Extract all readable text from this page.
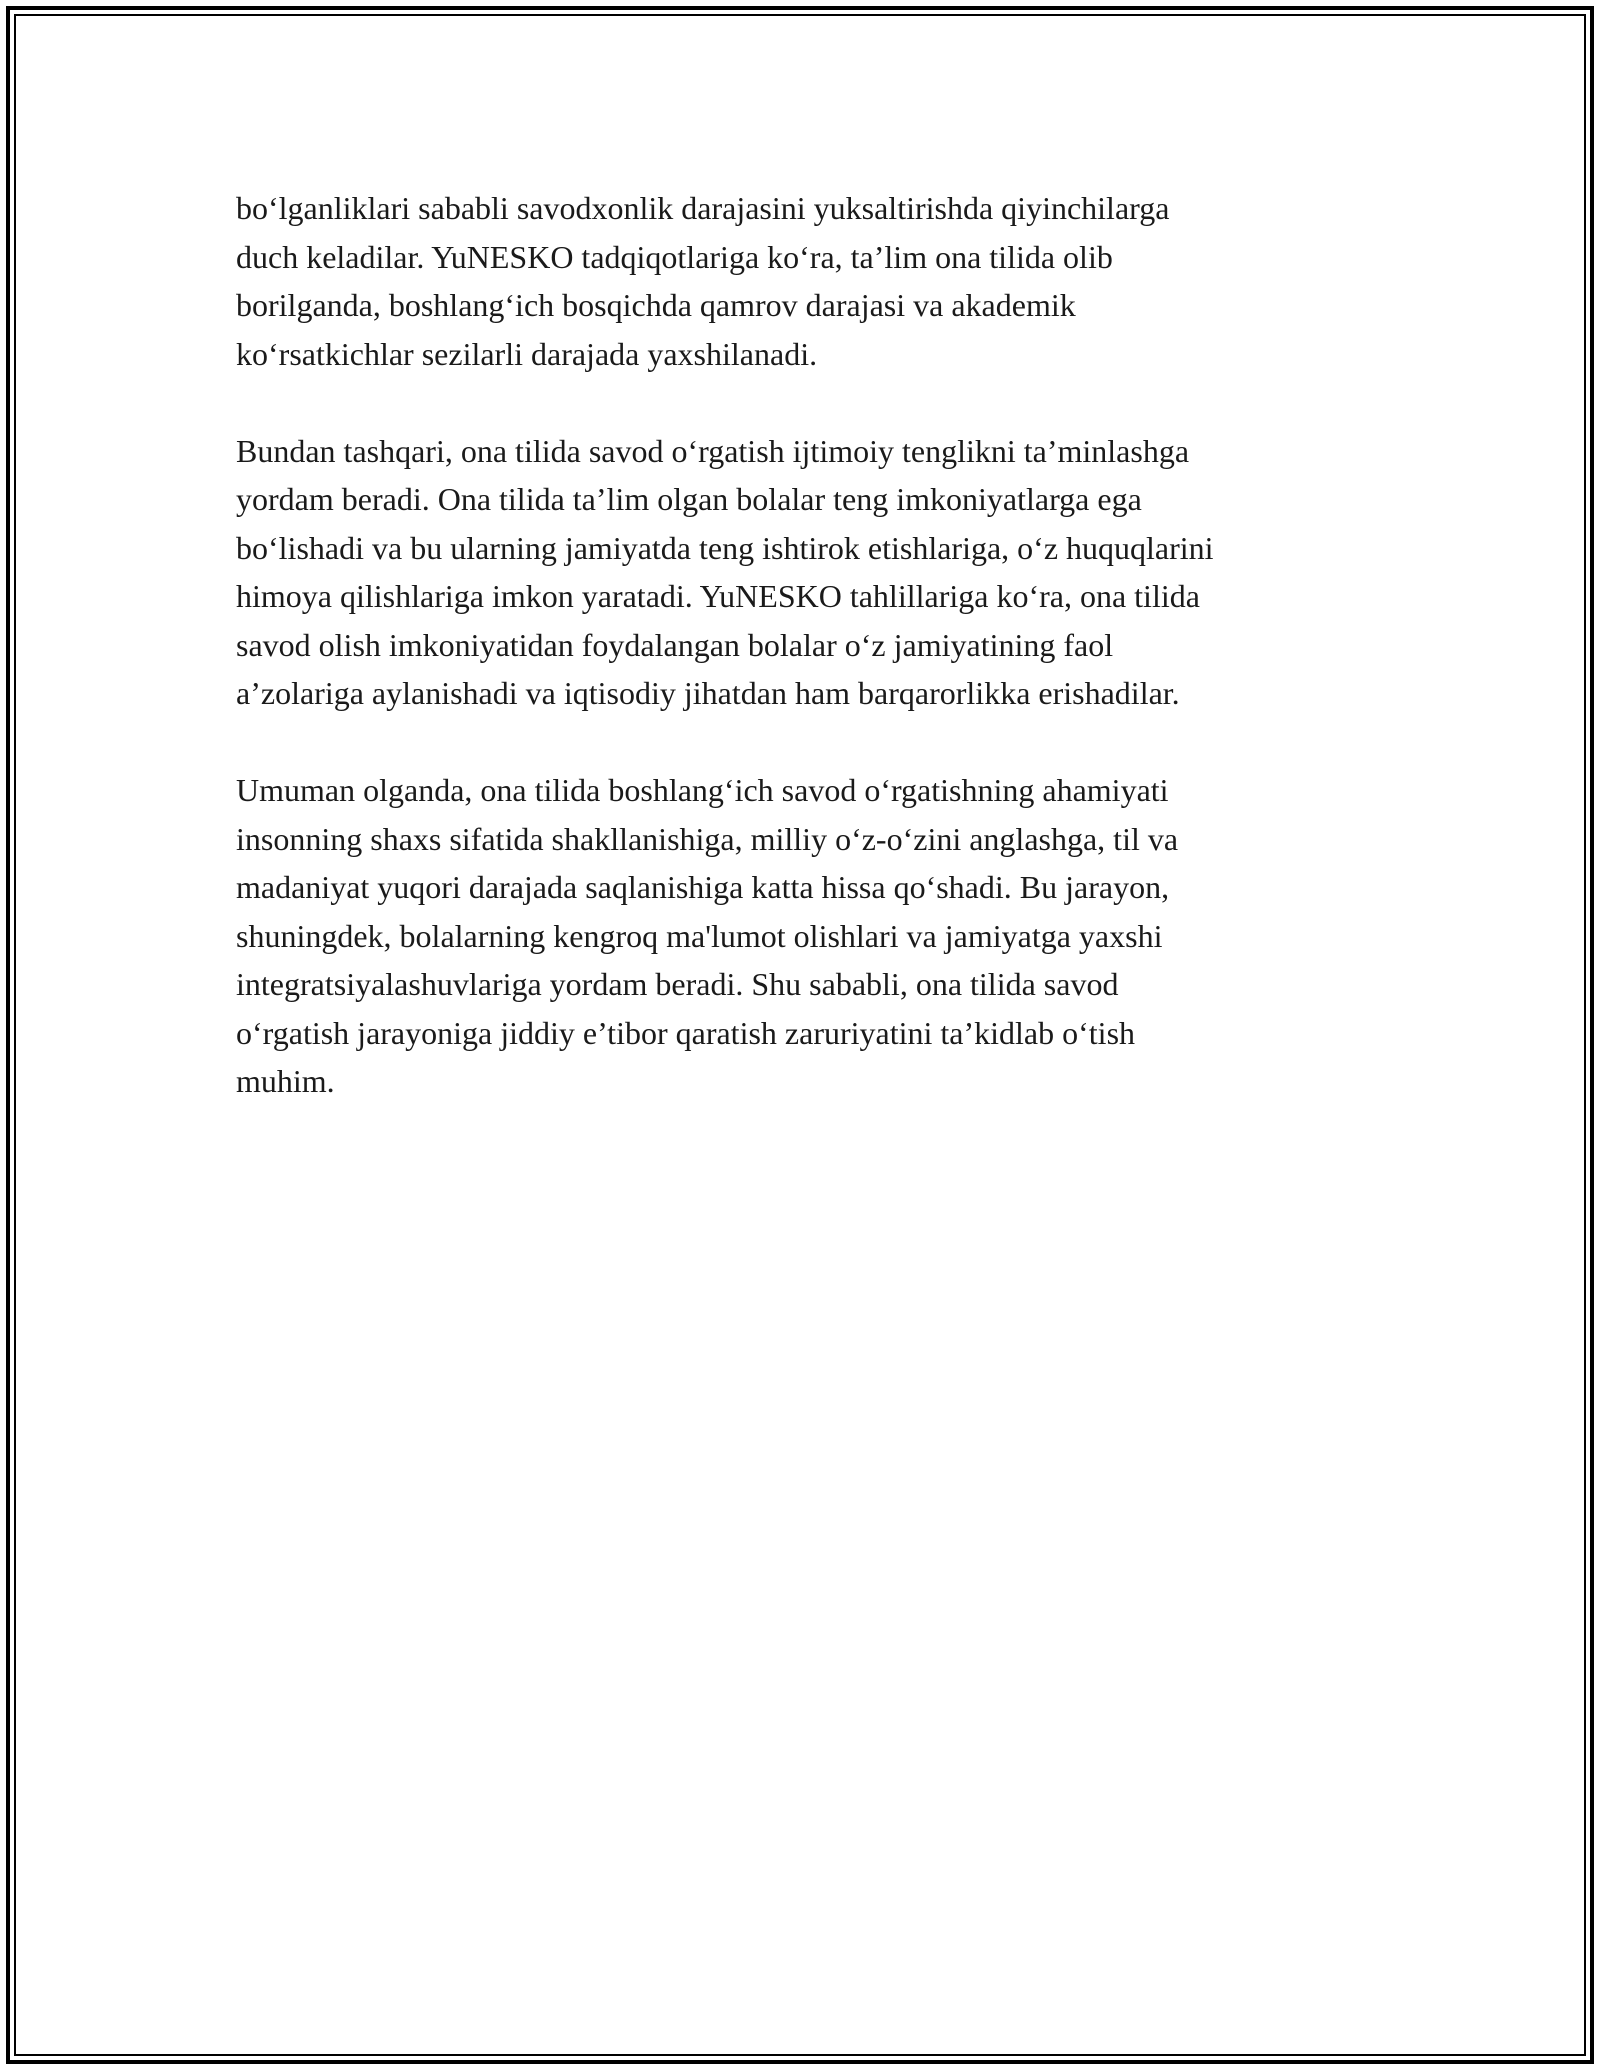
bo‘lganliklari sababli savodxonlik darajasini yuksaltirishda qiyinchilarga
duch keladilar. YuNESKO tadqiqotlariga ko‘ra, ta’lim ona tilida olib
borilganda, boshlang‘ich bosqichda qamrov darajasi va akademik
ko‘rsatkichlar sezilarli darajada yaxshilanadi.

Bundan tashqari, ona tilida savod o‘rgatish ijtimoiy tenglikni ta’minlashga
yordam beradi. Ona tilida ta’lim olgan bolalar teng imkoniyatlarga ega
bo‘lishadi va bu ularning jamiyatda teng ishtirok etishlariga, o‘z huquqlarini
himoya qilishlariga imkon yaratadi. YuNESKO tahlillariga ko‘ra, ona tilida
savod olish imkoniyatidan foydalangan bolalar o‘z jamiyatining faol
a’zolariga aylanishadi va iqtisodiy jihatdan ham barqarorlikka erishadilar.

Umuman olganda, ona tilida boshlang‘ich savod o‘rgatishning ahamiyati
insonning shaxs sifatida shakllanishiga, milliy o‘z-o‘zini anglashga, til va
madaniyat yuqori darajada saqlanishiga katta hissa qo‘shadi. Bu jarayon,
shuningdek, bolalarning kengroq ma'lumot olishlari va jamiyatga yaxshi
integratsiyalashuvlariga yordam beradi. Shu sababli, ona tilida savod
o‘rgatish jarayoniga jiddiy e’tibor qaratish zaruriyatini ta’kidlab o‘tish
muhim.
